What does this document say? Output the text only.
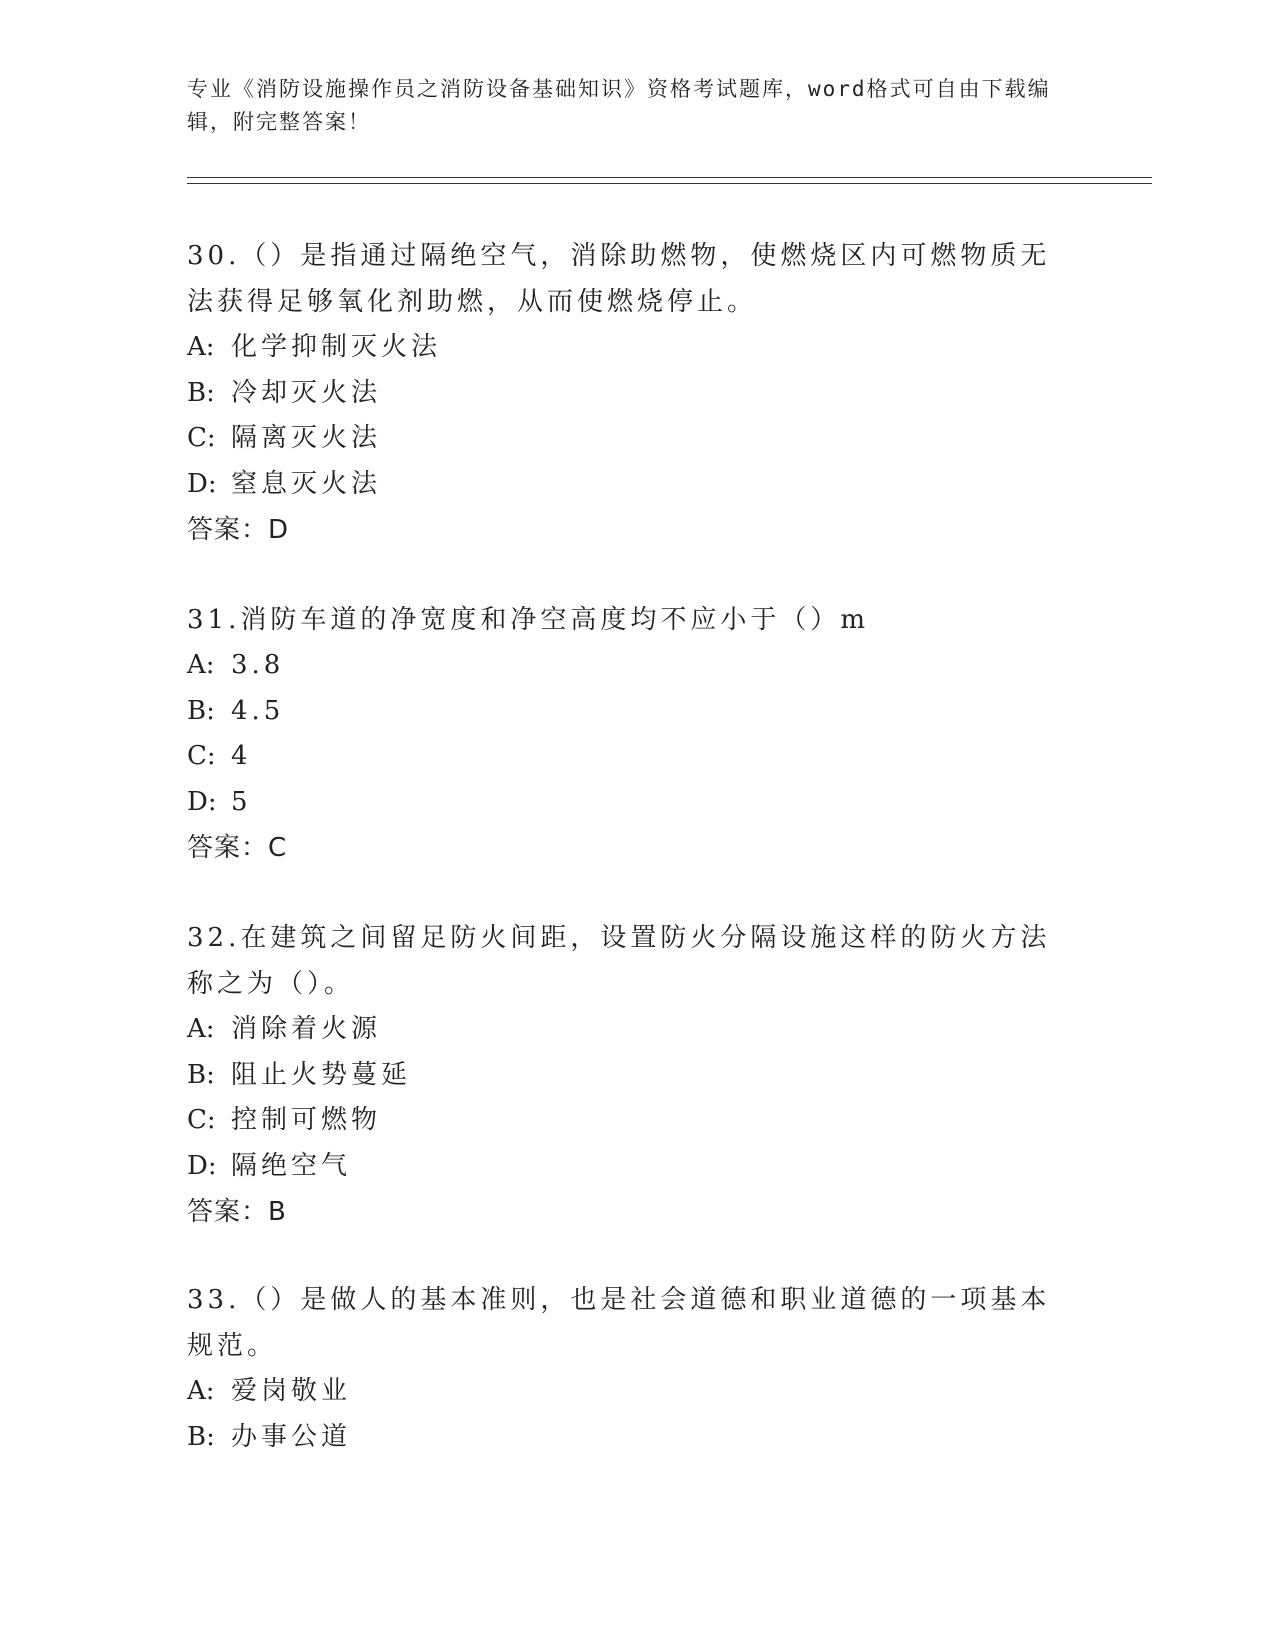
专业《消防设施操作员之消防设备基础知识》资格考试题库，word格式可自由下载编辑，附完整答案！

30.（）是指通过隔绝空气，消除助燃物，使燃烧区内可燃物质无法获得足够氧化剂助燃，从而使燃烧停止。

A: 化学抑制灭火法
B: 冷却灭火法
C: 隔离灭火法
D: 窒息灭火法
答案：D

31.消防车道的净宽度和净空高度均不应小于（）m

A: 3.8
B: 4.5
C: 4
D: 5
答案：C

32.在建筑之间留足防火间距，设置防火分隔设施这样的防火方法称之为（）。

A: 消除着火源
B: 阻止火势蔓延
C: 控制可燃物
D: 隔绝空气
答案：B

33.（）是做人的基本准则，也是社会道德和职业道德的一项基本规范。

A: 爱岗敬业
B: 办事公道
